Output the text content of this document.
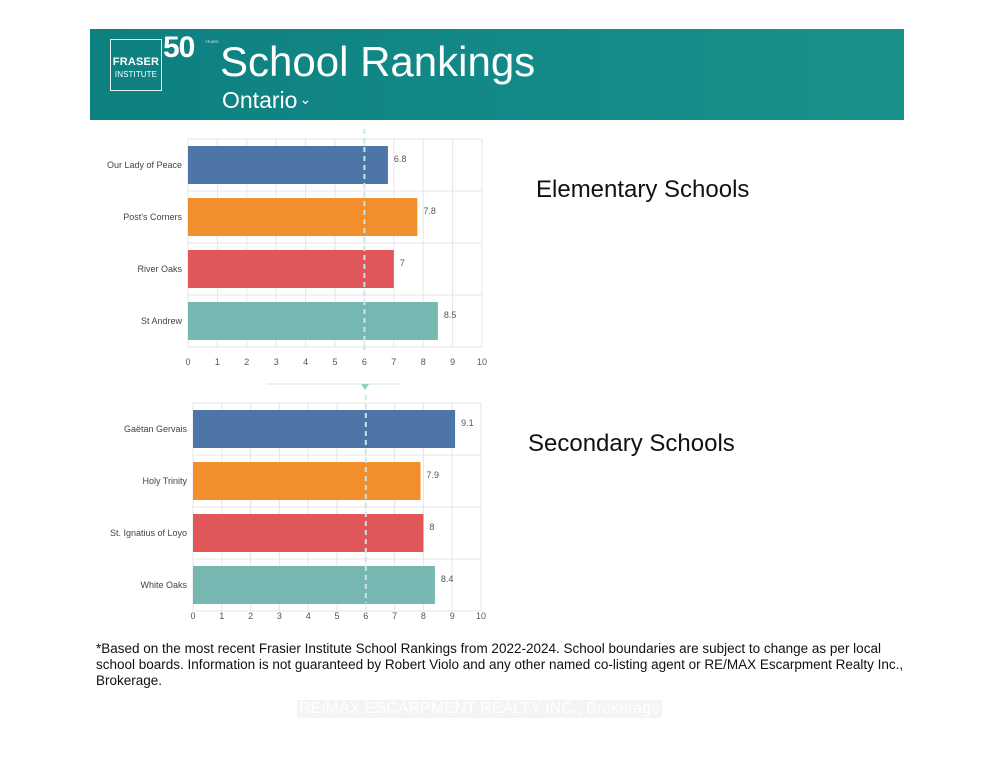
FRASER
INSTITUTE
50	YEARS School Rankings
Ontario ⌄
0	1	2	3	4	5	6	7	8	9 10
Our Lady of Peace
6.8
Post's Corners
7.8
River Oaks
7
St Andrew
8.5
Elementary Schools
0	1	2	3	4	5	6	7	8	9 10
Gaëtan Gervais
9.1
Holy Trinity
7.9
St. Ignatius of Loyo
8
White Oaks
8.4
Secondary Schools
*Based on the most recent Frasier Institute School Rankings from 2022-2024. School boundaries are subject to change as per local school boards. Information is not guaranteed by Robert Violo and any other named co-listing agent or RE/MAX Escarpment Realty Inc., Brokerage.
RE/MAX ESCARPMENT REALTY INC., Brokerage
